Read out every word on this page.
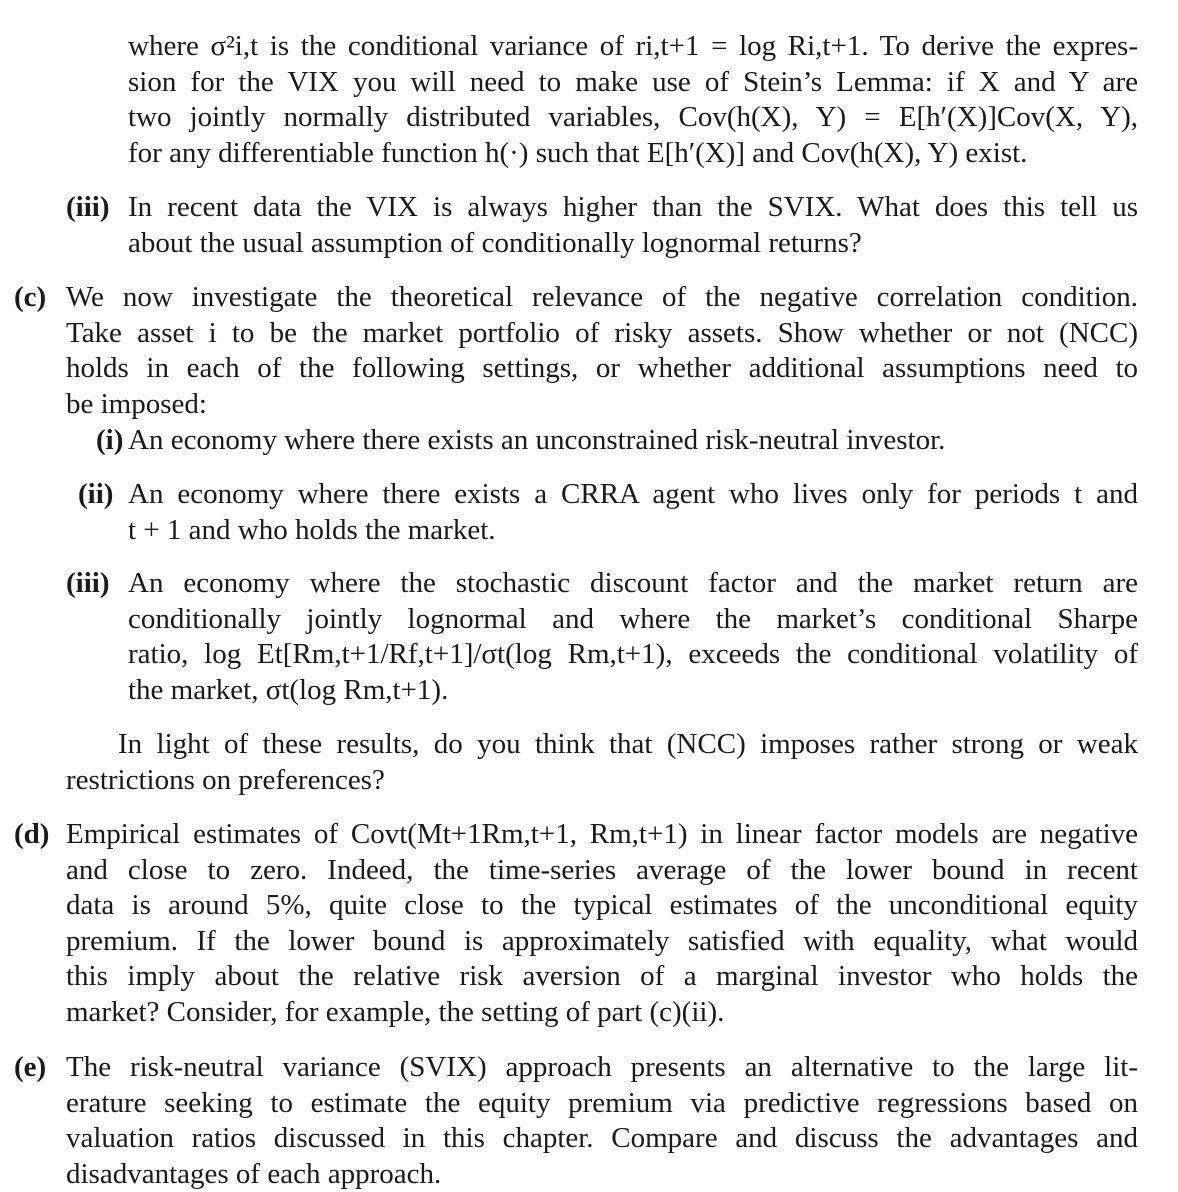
where σ²i,t is the conditional variance of ri,t+1 = log Ri,t+1. To derive the expres-
sion for the VIX you will need to make use of Stein’s Lemma: if X and Y are
two jointly normally distributed variables, Cov(h(X), Y) = E[h′(X)]Cov(X, Y),
for any differentiable function h(·) such that E[h′(X)] and Cov(h(X), Y) exist.
(iii) In recent data the VIX is always higher than the SVIX. What does this tell us
about the usual assumption of conditionally lognormal returns?
(c) We now investigate the theoretical relevance of the negative correlation condition.
Take asset i to be the market portfolio of risky assets. Show whether or not (NCC)
holds in each of the following settings, or whether additional assumptions need to
be imposed:
(i) An economy where there exists an unconstrained risk-neutral investor.
(ii) An economy where there exists a CRRA agent who lives only for periods t and
t + 1 and who holds the market.
(iii) An economy where the stochastic discount factor and the market return are
conditionally jointly lognormal and where the market’s conditional Sharpe
ratio, log Et[Rm,t+1/Rf,t+1]/σt(log Rm,t+1), exceeds the conditional volatility of
the market, σt(log Rm,t+1).
In light of these results, do you think that (NCC) imposes rather strong or weak
restrictions on preferences?
(d) Empirical estimates of Covt(Mt+1Rm,t+1, Rm,t+1) in linear factor models are negative
and close to zero. Indeed, the time-series average of the lower bound in recent
data is around 5%, quite close to the typical estimates of the unconditional equity
premium. If the lower bound is approximately satisfied with equality, what would
this imply about the relative risk aversion of a marginal investor who holds the
market? Consider, for example, the setting of part (c)(ii).
(e) The risk-neutral variance (SVIX) approach presents an alternative to the large lit-
erature seeking to estimate the equity premium via predictive regressions based on
valuation ratios discussed in this chapter. Compare and discuss the advantages and
disadvantages of each approach.
